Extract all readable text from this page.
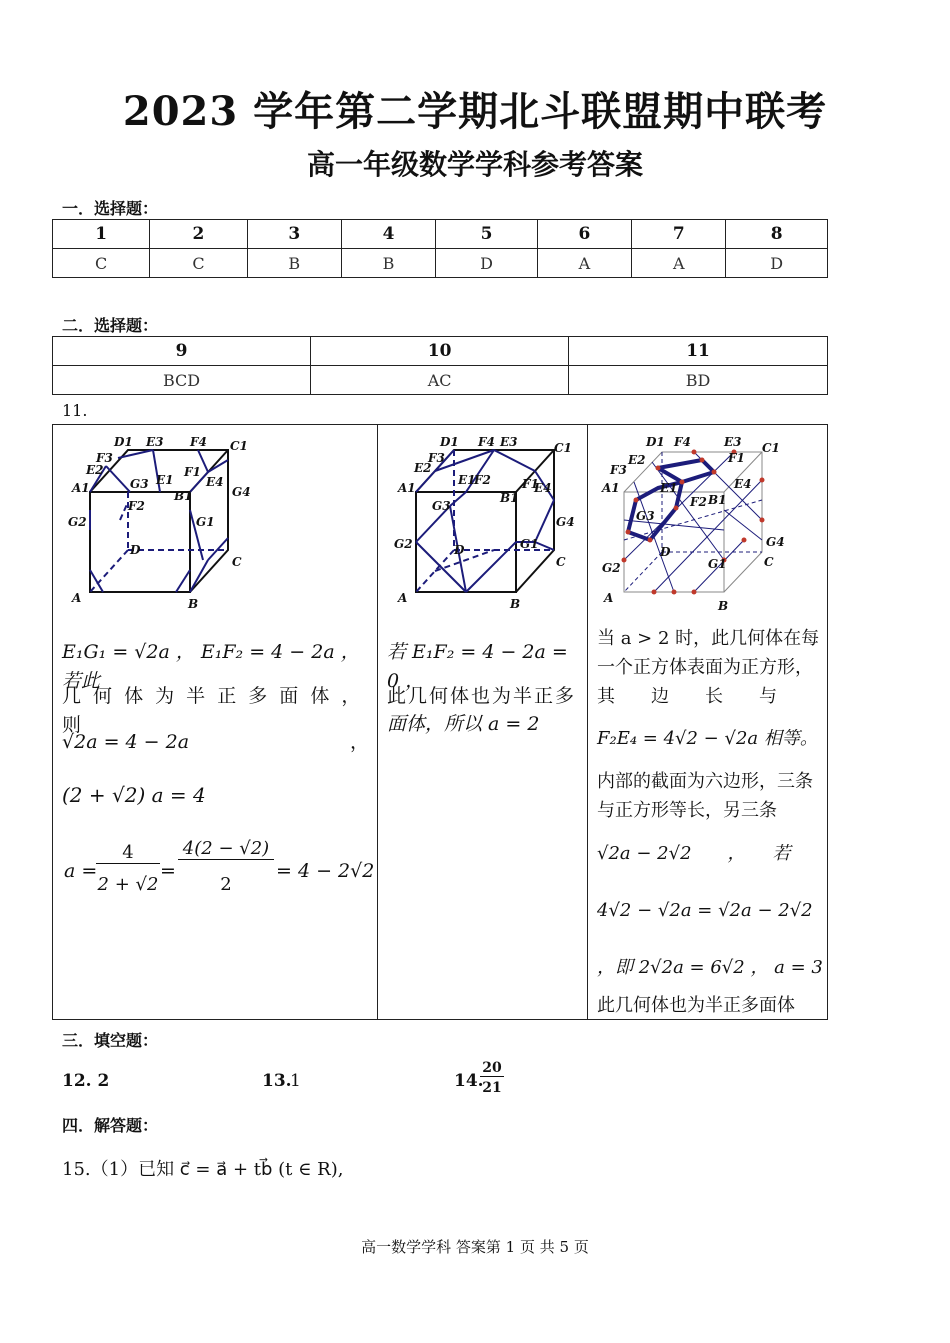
2023 学年第二学期北斗联盟期中联考
高一年级数学学科参考答案
一．选择题：
1	2	3	4	5	6	7	8
C	C	B	B	D	A	A	D
二．选择题：
9	10	11
BCD	AC	BD
11.
D1 E3 F4 C1
F3
E2	F1
A1	G3 E1
B1
E4
G4
F2
G2	G1
D
C
A	B
D1 F4 E3	C1
F3
E2
A1
E1
F2
B1
F1
G3
E4
G4
G2	D	G1
C
A	B
D1 F4	E3 C1
E2	F1
F3
A1	E1	E4
F2 B1
G3
D
G4
G2	G1	C
A
B
E₁G₁ = √2a ， E₁F₂ = 4 − 2a ，若此
几 何 体 为 半 正 多 面 体 ， 则
√2a = 4 − 2a	，
(2 + √2) a = 4
a =
4
2 + √2
=
4(2 − √2)
2
= 4 − 2√2
若 E₁F₂ = 4 − 2a = 0 ，
此几何体也为半正多
面体，所以 a = 2
当 a > 2 时，此几何体在每
一个正方体表面为正方形，
其　　边　　长　　与
F₂E₄ = 4√2 − √2a 相等。
内部的截面为六边形，三条
与正方形等长，另三条
√2a − 2√2　　，　　若
4√2 − √2a = √2a − 2√2
，即 2√2a = 6√2 ， a = 3
此几何体也为半正多面体
三．填空题：
12. 2	13.
1	14.
20
21
四．解答题：
15.（1）已知 c⃗ = a⃗ + tb⃗ (t ∈ R),
高一数学学科 答案第 1 页 共 5 页
